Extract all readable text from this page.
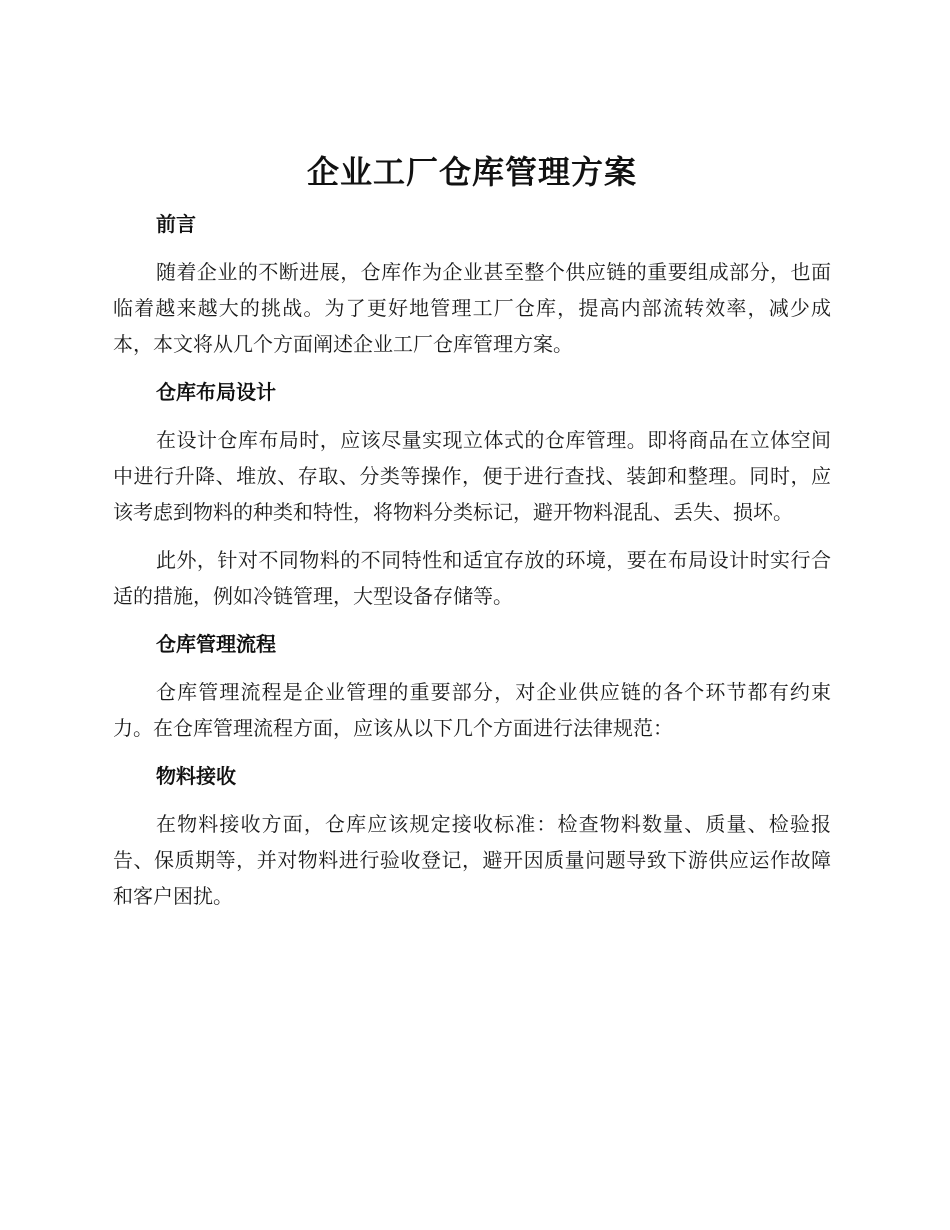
企业工厂仓库管理方案
前言

随着企业的不断进展，仓库作为企业甚至整个供应链的重要组成部分，也面临着越来越大的挑战。为了更好地管理工厂仓库，提高内部流转效率，减少成本，本文将从几个方面阐述企业工厂仓库管理方案。

仓库布局设计

在设计仓库布局时，应该尽量实现立体式的仓库管理。即将商品在立体空间中进行升降、堆放、存取、分类等操作，便于进行查找、装卸和整理。同时，应该考虑到物料的种类和特性，将物料分类标记，避开物料混乱、丢失、损坏。

此外，针对不同物料的不同特性和适宜存放的环境，要在布局设计时实行合适的措施，例如冷链管理，大型设备存储等。

仓库管理流程

仓库管理流程是企业管理的重要部分，对企业供应链的各个环节都有约束力。在仓库管理流程方面，应该从以下几个方面进行法律规范：

物料接收

在物料接收方面，仓库应该规定接收标准：检查物料数量、质量、检验报告、保质期等，并对物料进行验收登记，避开因质量问题导致下游供应运作故障和客户困扰。
